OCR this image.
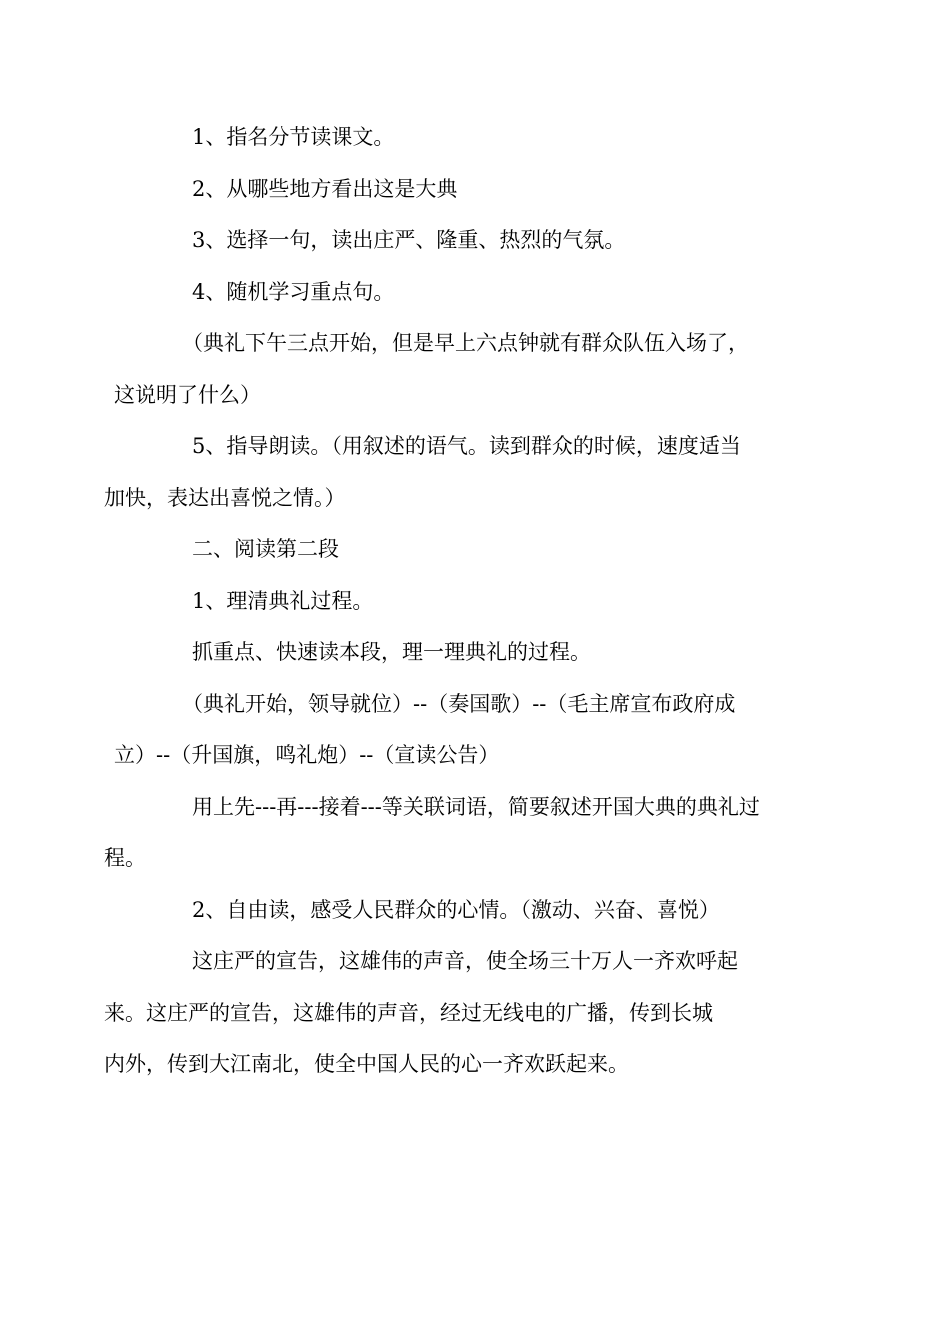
1、指名分节读课文。

2、从哪些地方看出这是大典

3、选择一句，读出庄严、隆重、热烈的气氛。

4、随机学习重点句。

（典礼下午三点开始，但是早上六点钟就有群众队伍入场了，
这说明了什么）

5、指导朗读。（用叙述的语气。读到群众的时候，速度适当
加快，表达出喜悦之情。）

二、阅读第二段

1、理清典礼过程。

抓重点、快速读本段，理一理典礼的过程。

（典礼开始，领导就位）--（奏国歌）--（毛主席宣布政府成
立）--（升国旗，鸣礼炮）--（宣读公告）

用上先---再---接着---等关联词语，简要叙述开国大典的典礼过
程。

2、自由读，感受人民群众的心情。（激动、兴奋、喜悦）

这庄严的宣告，这雄伟的声音，使全场三十万人一齐欢呼起
来。这庄严的宣告，这雄伟的声音，经过无线电的广播，传到长城
内外，传到大江南北，使全中国人民的心一齐欢跃起来。
